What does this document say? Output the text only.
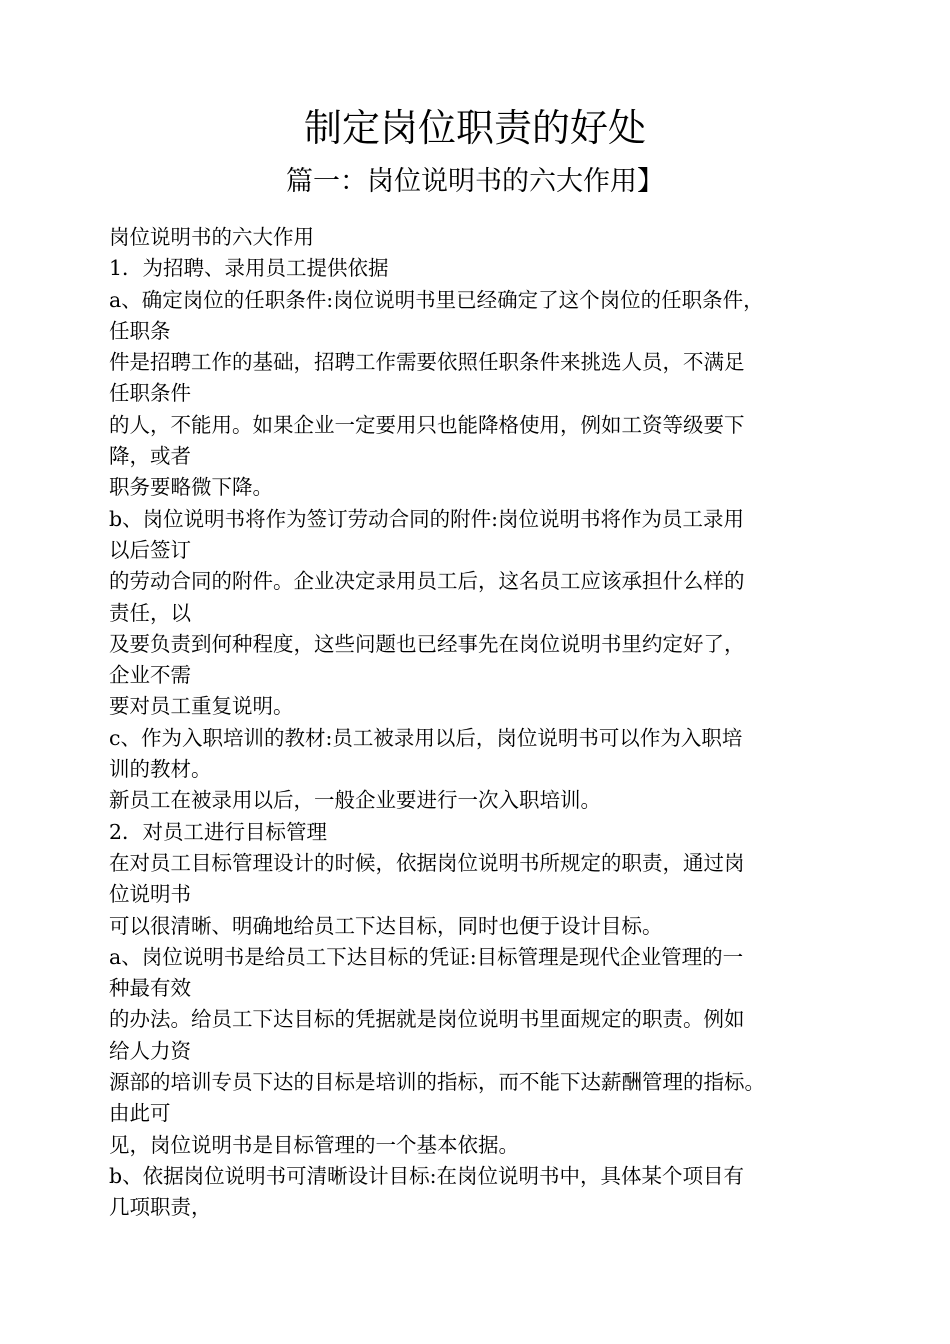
制定岗位职责的好处
篇一：岗位说明书的六大作用】
岗位说明书的六大作用
1．为招聘、录用员工提供依据
a、确定岗位的任职条件:岗位说明书里已经确定了这个岗位的任职条件，
任职条
件是招聘工作的基础，招聘工作需要依照任职条件来挑选人员，不满足
任职条件
的人，不能用。如果企业一定要用只也能降格使用，例如工资等级要下
降，或者
职务要略微下降。
b、岗位说明书将作为签订劳动合同的附件:岗位说明书将作为员工录用
以后签订
的劳动合同的附件。企业决定录用员工后，这名员工应该承担什么样的
责任，以
及要负责到何种程度，这些问题也已经事先在岗位说明书里约定好了，
企业不需
要对员工重复说明。
c、作为入职培训的教材:员工被录用以后，岗位说明书可以作为入职培
训的教材。
新员工在被录用以后，一般企业要进行一次入职培训。
2．对员工进行目标管理
在对员工目标管理设计的时候，依据岗位说明书所规定的职责，通过岗
位说明书
可以很清晰、明确地给员工下达目标，同时也便于设计目标。
a、岗位说明书是给员工下达目标的凭证:目标管理是现代企业管理的一
种最有效
的办法。给员工下达目标的凭据就是岗位说明书里面规定的职责。例如
给人力资
源部的培训专员下达的目标是培训的指标，而不能下达薪酬管理的指标。
由此可
见，岗位说明书是目标管理的一个基本依据。
b、依据岗位说明书可清晰设计目标:在岗位说明书中，具体某个项目有
几项职责，
